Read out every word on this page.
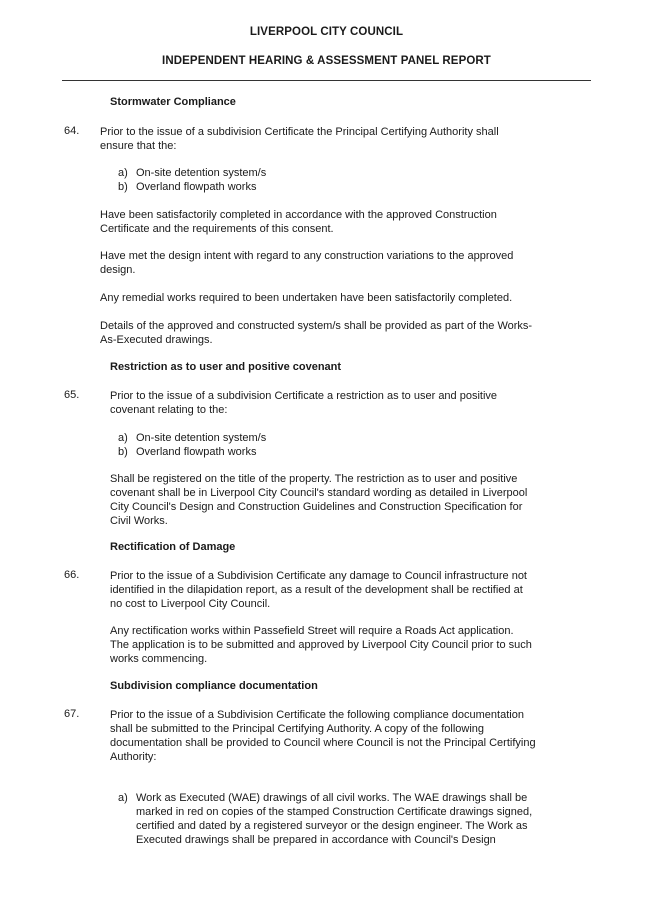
LIVERPOOL CITY COUNCIL
INDEPENDENT HEARING & ASSESSMENT PANEL REPORT
Stormwater Compliance
64. Prior to the issue of a subdivision Certificate the Principal Certifying Authority shall
ensure that the:
a) On-site detention system/s
b) Overland flowpath works
Have been satisfactorily completed in accordance with the approved Construction
Certificate and the requirements of this consent.
Have met the design intent with regard to any construction variations to the approved
design.
Any remedial works required to been undertaken have been satisfactorily completed.
Details of the approved and constructed system/s shall be provided as part of the Works-
As-Executed drawings.
Restriction as to user and positive covenant
65.	Prior to the issue of a subdivision Certificate a restriction as to user and positive
covenant relating to the:
a) On-site detention system/s
b) Overland flowpath works
Shall be registered on the title of the property. The restriction as to user and positive
covenant shall be in Liverpool City Council's standard wording as detailed in Liverpool
City Council's Design and Construction Guidelines and Construction Specification for
Civil Works.
Rectification of Damage
66.	Prior to the issue of a Subdivision Certificate any damage to Council infrastructure not
identified in the dilapidation report, as a result of the development shall be rectified at
no cost to Liverpool City Council.
Any rectification works within Passefield Street will require a Roads Act application.
The application is to be submitted and approved by Liverpool City Council prior to such
works commencing.
Subdivision compliance documentation
67.	Prior to the issue of a Subdivision Certificate the following compliance documentation
shall be submitted to the Principal Certifying Authority. A copy of the following
documentation shall be provided to Council where Council is not the Principal Certifying
Authority:
a) Work as Executed (WAE) drawings of all civil works. The WAE drawings shall be
marked in red on copies of the stamped Construction Certificate drawings signed,
certified and dated by a registered surveyor or the design engineer. The Work as
Executed drawings shall be prepared in accordance with Council's Design
